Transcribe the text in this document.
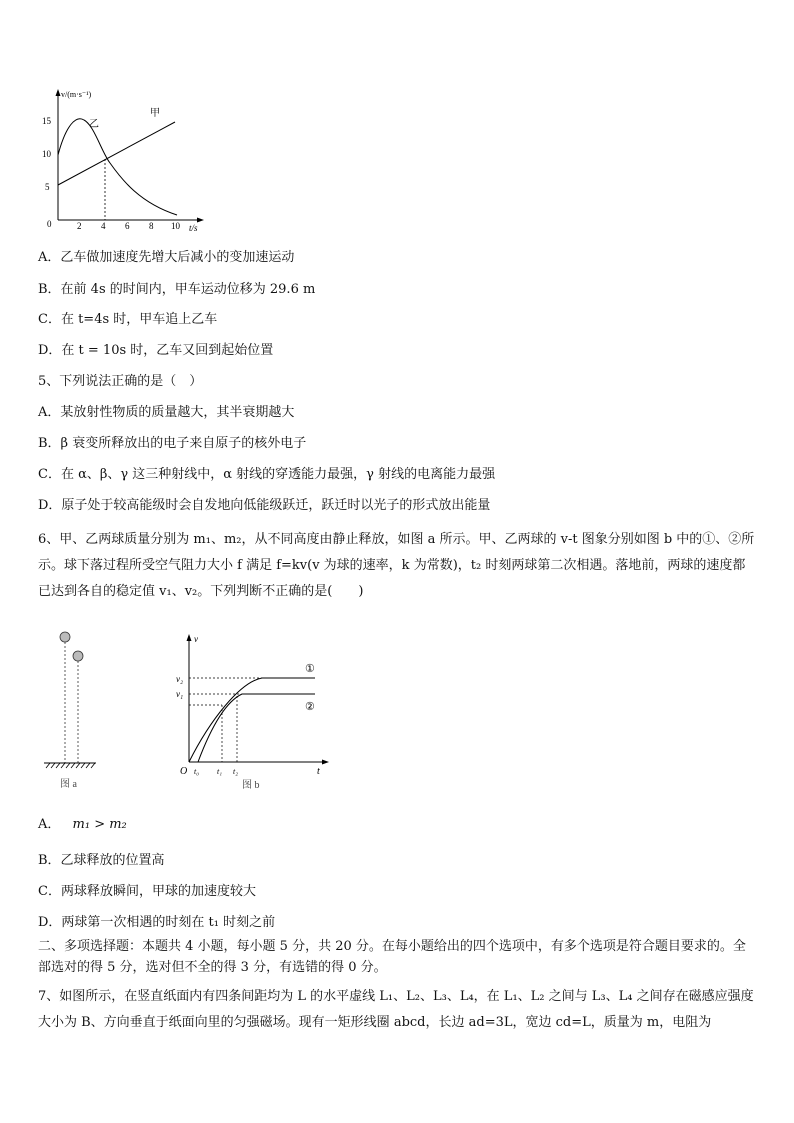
v/(m·s⁻¹)
t/s
15
10
5
0	2 4 6 8 10
甲
乙
A．乙车做加速度先增大后减小的变加速运动
B．在前 4s 的时间内，甲车运动位移为 29.6 m
C．在 t=4s 时，甲车追上乙车
D．在 t = 10s 时，乙车又回到起始位置
5、下列说法正确的是（　）
A．某放射性物质的质量越大，其半衰期越大
B．β 衰变所释放出的电子来自原子的核外电子
C．在 α、β、γ 这三种射线中，α 射线的穿透能力最强，γ 射线的电离能力最强
D．原子处于较高能级时会自发地向低能级跃迁，跃迁时以光子的形式放出能量
6、甲、乙两球质量分别为 m₁、m₂，从不同高度由静止释放，如图 a 所示。甲、乙两球的 v-t 图象分别如图 b 中的①、②所示。球下落过程所受空气阻力大小 f 满足 f=kv(v 为球的速率，k 为常数)，t₂ 时刻两球第二次相遇。落地前，两球的速度都已达到各自的稳定值 v₁、v₂。下列判断不正确的是(　　)
图 a
v
t
O
v₂
v₁
t₀ t₁ t₂
①
②
图 b
A． m₁ > m₂
B．乙球释放的位置高
C．两球释放瞬间，甲球的加速度较大
D．两球第一次相遇的时刻在 t₁ 时刻之前
二、多项选择题：本题共 4 小题，每小题 5 分，共 20 分。在每小题给出的四个选项中，有多个选项是符合题目要求的。全部选对的得 5 分，选对但不全的得 3 分，有选错的得 0 分。
7、如图所示，在竖直纸面内有四条间距均为 L 的水平虚线 L₁、L₂、L₃、L₄，在 L₁、L₂ 之间与 L₃、L₄ 之间存在磁感应强度大小为 B、方向垂直于纸面向里的匀强磁场。现有一矩形线圈 abcd，长边 ad=3L，宽边 cd=L，质量为 m，电阻为
